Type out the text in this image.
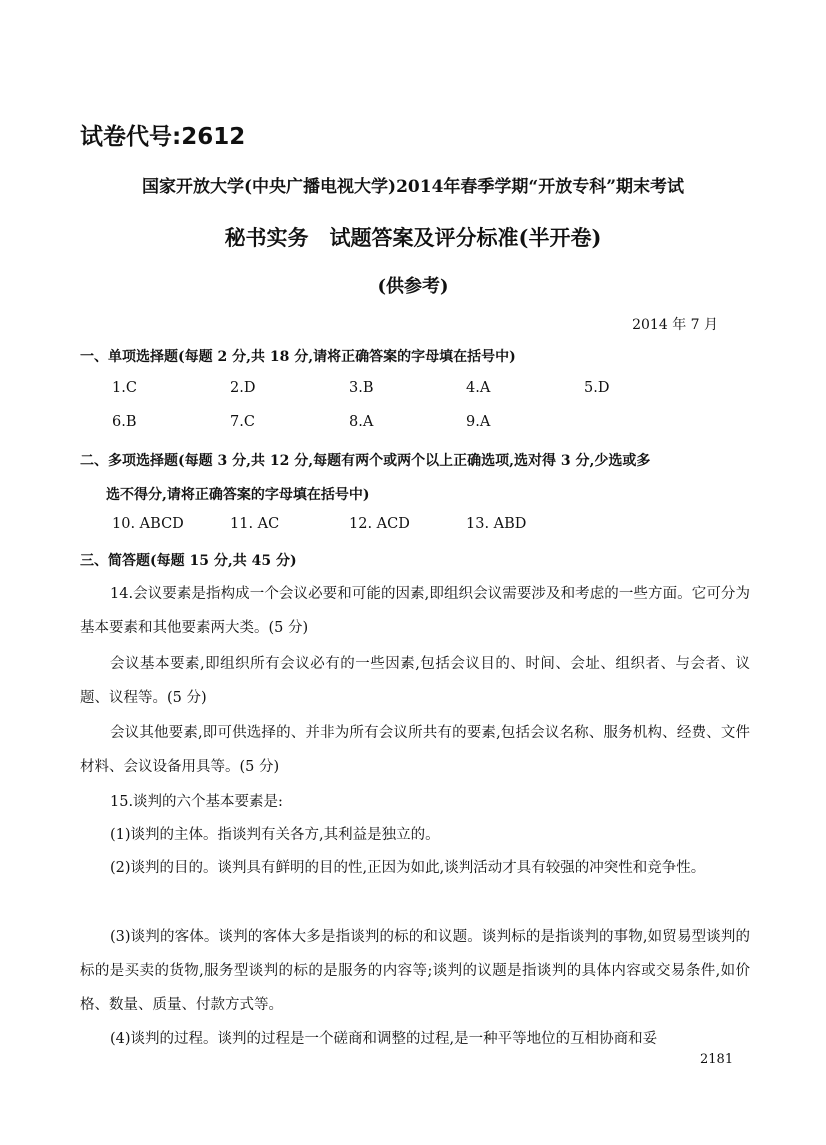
试卷代号:2612
国家开放大学(中央广播电视大学)2014年春季学期“开放专科”期末考试
秘书实务　试题答案及评分标准(半开卷)
(供参考)
2014 年 7 月
一、单项选择题(每题 2 分,共 18 分,请将正确答案的字母填在括号中)
1.C	2.D	3.B	4.A	5.D
6.B	7.C	8.A	9.A
二、多项选择题(每题 3 分,共 12 分,每题有两个或两个以上正确选项,选对得 3 分,少选或多
选不得分,请将正确答案的字母填在括号中)
10. ABCD	11. AC	12. ACD	13. ABD
三、简答题(每题 15 分,共 45 分)
14.会议要素是指构成一个会议必要和可能的因素,即组织会议需要涉及和考虑的一些方面。它可分为基本要素和其他要素两大类。(5 分)
会议基本要素,即组织所有会议必有的一些因素,包括会议目的、时间、会址、组织者、与会者、议题、议程等。(5 分)
会议其他要素,即可供选择的、并非为所有会议所共有的要素,包括会议名称、服务机构、经费、文件材料、会议设备用具等。(5 分)
15.谈判的六个基本要素是:
(1)谈判的主体。指谈判有关各方,其利益是独立的。
(2)谈判的目的。谈判具有鲜明的目的性,正因为如此,谈判活动才具有较强的冲突性和竞争性。
(3)谈判的客体。谈判的客体大多是指谈判的标的和议题。谈判标的是指谈判的事物,如贸易型谈判的标的是买卖的货物,服务型谈判的标的是服务的内容等;谈判的议题是指谈判的具体内容或交易条件,如价格、数量、质量、付款方式等。
(4)谈判的过程。谈判的过程是一个磋商和调整的过程,是一种平等地位的互相协商和妥
2181
